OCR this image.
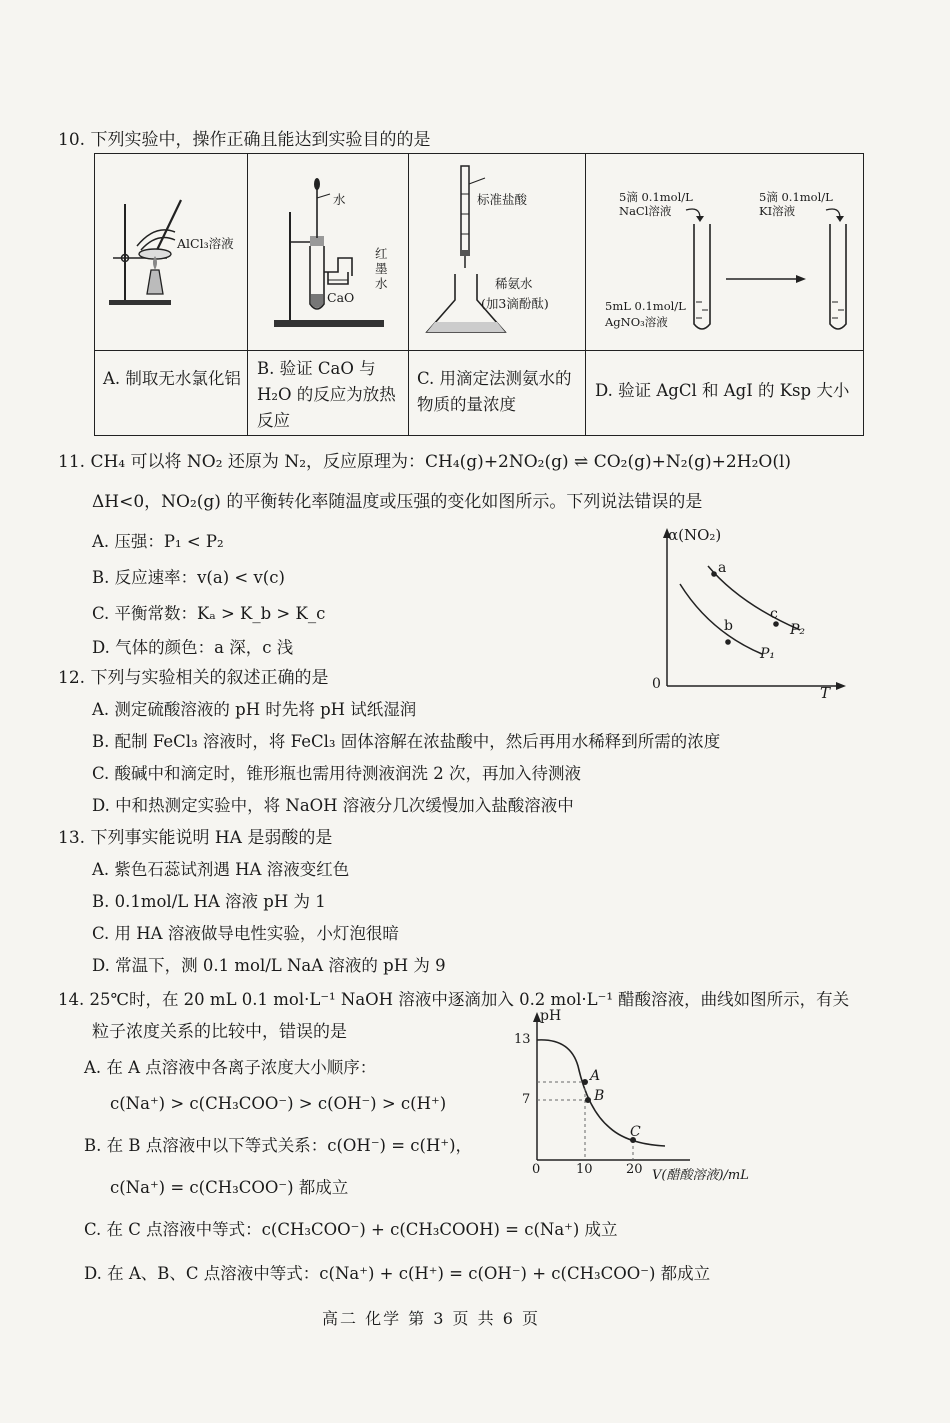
10. 下列实验中，操作正确且能达到实验目的的是
AlCl₃溶液
水
红墨水
CaO
标准盐酸
稀氨水
(加3滴酚酞)
5滴 0.1mol/L NaCl溶液
5滴 0.1mol/L KI溶液
5mL 0.1mol/L AgNO₃溶液
A. 制取无水氯化铝
B. 验证 CaO 与 H₂O 的反应为放热反应
C. 用滴定法测氨水的物质的量浓度
D. 验证 AgCl 和 AgI 的 Ksp 大小
11. CH₄ 可以将 NO₂ 还原为 N₂，反应原理为：CH₄(g)+2NO₂(g) ⇌ CO₂(g)+N₂(g)+2H₂O(l)
ΔH<0，NO₂(g) 的平衡转化率随温度或压强的变化如图所示。下列说法错误的是
A. 压强：P₁ < P₂
B. 反应速率：v(a) < v(c)
C. 平衡常数：Kₐ > K_b > K_c
D. 气体的颜色：a 深，c 浅
α(NO₂)
T
0
a
c
b	P₂
P₁
12. 下列与实验相关的叙述正确的是
A. 测定硫酸溶液的 pH 时先将 pH 试纸湿润
B. 配制 FeCl₃ 溶液时，将 FeCl₃ 固体溶解在浓盐酸中，然后再用水稀释到所需的浓度
C. 酸碱中和滴定时，锥形瓶也需用待测液润洗 2 次，再加入待测液
D. 中和热测定实验中，将 NaOH 溶液分几次缓慢加入盐酸溶液中
13. 下列事实能说明 HA 是弱酸的是
A. 紫色石蕊试剂遇 HA 溶液变红色
B. 0.1mol/L HA 溶液 pH 为 1
C. 用 HA 溶液做导电性实验，小灯泡很暗
D. 常温下，测 0.1 mol/L NaA 溶液的 pH 为 9
14. 25℃时，在 20 mL 0.1 mol·L⁻¹ NaOH 溶液中逐滴加入 0.2 mol·L⁻¹ 醋酸溶液，曲线如图所示，有关
粒子浓度关系的比较中，错误的是
A. 在 A 点溶液中各离子浓度大小顺序：
c(Na⁺) > c(CH₃COO⁻) > c(OH⁻) > c(H⁺)
B. 在 B 点溶液中以下等式关系：c(OH⁻) = c(H⁺)，
c(Na⁺) = c(CH₃COO⁻) 都成立
C. 在 C 点溶液中等式：c(CH₃COO⁻) + c(CH₃COOH) = c(Na⁺) 成立
D. 在 A、B、C 点溶液中等式：c(Na⁺) + c(H⁺) = c(OH⁻) + c(CH₃COO⁻) 都成立
pH
13
7
0	10	20 V(醋酸溶液)/mL
A
B
C
高二 化学 第 3 页 共 6 页
